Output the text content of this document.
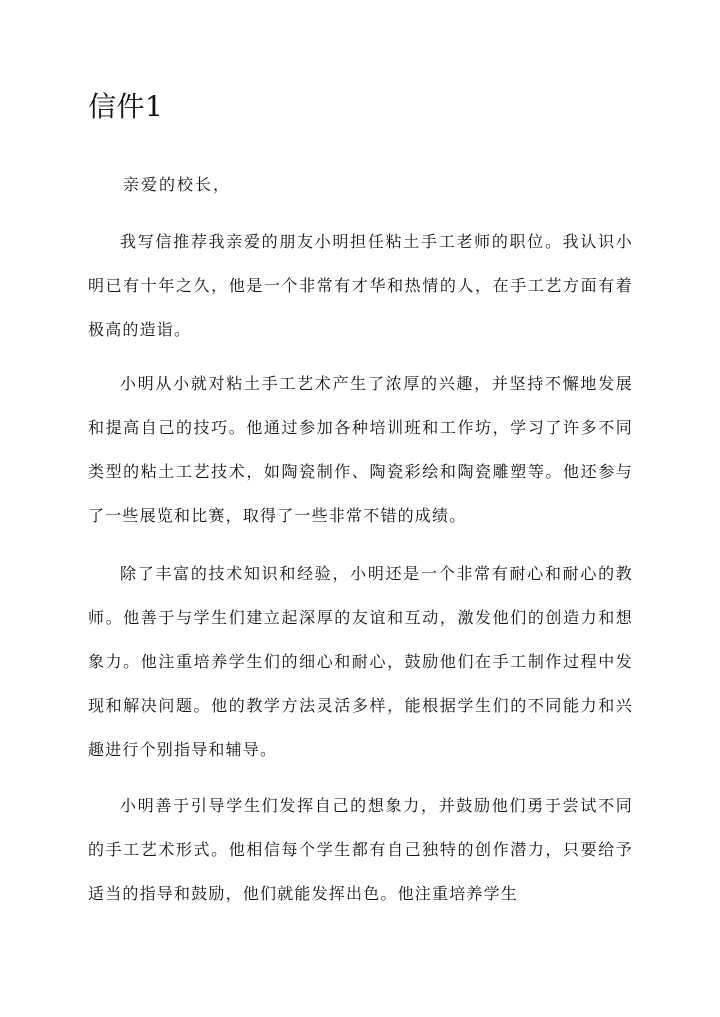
信件1

亲爱的校长，

我写信推荐我亲爱的朋友小明担任粘土手工老师的职位。我认识小明已有十年之久，他是一个非常有才华和热情的人，在手工艺方面有着极高的造诣。

小明从小就对粘土手工艺术产生了浓厚的兴趣，并坚持不懈地发展和提高自己的技巧。他通过参加各种培训班和工作坊，学习了许多不同类型的粘土工艺技术，如陶瓷制作、陶瓷彩绘和陶瓷雕塑等。他还参与了一些展览和比赛，取得了一些非常不错的成绩。

除了丰富的技术知识和经验，小明还是一个非常有耐心和耐心的教师。他善于与学生们建立起深厚的友谊和互动，激发他们的创造力和想象力。他注重培养学生们的细心和耐心，鼓励他们在手工制作过程中发现和解决问题。他的教学方法灵活多样，能根据学生们的不同能力和兴趣进行个别指导和辅导。

小明善于引导学生们发挥自己的想象力，并鼓励他们勇于尝试不同的手工艺术形式。他相信每个学生都有自己独特的创作潜力，只要给予适当的指导和鼓励，他们就能发挥出色。他注重培养学生
